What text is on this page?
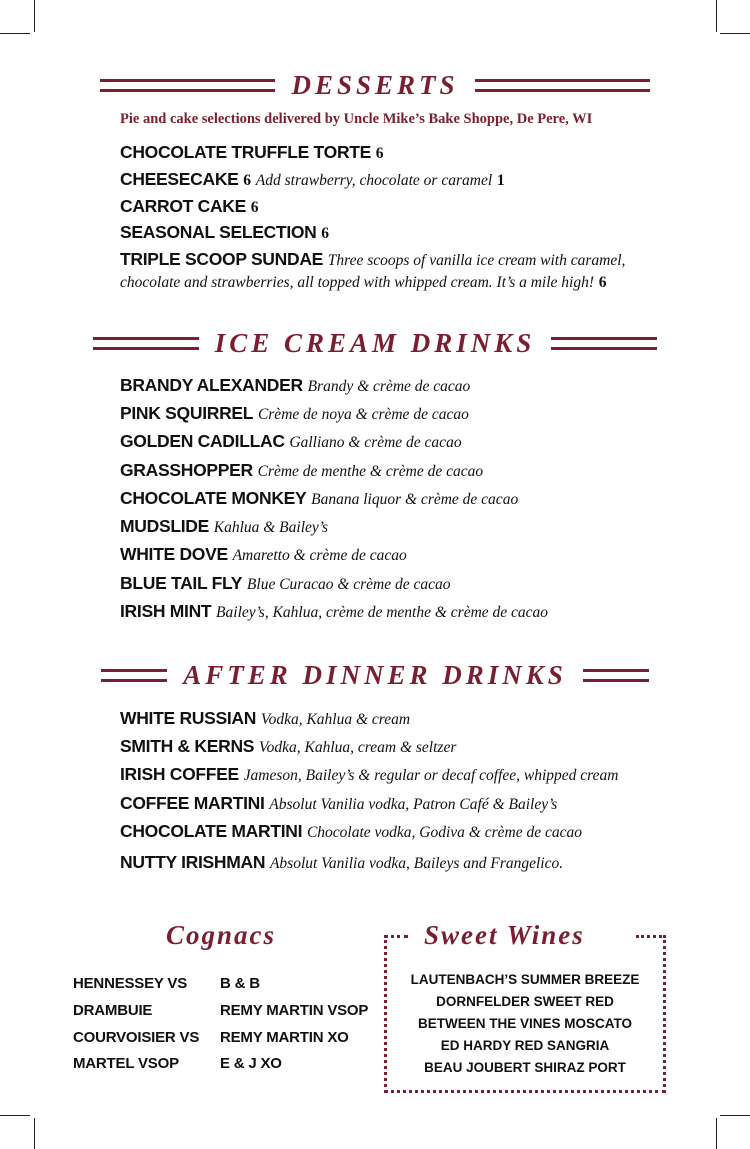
DESSERTS
Pie and cake selections delivered by Uncle Mike’s Bake Shoppe, De Pere, WI
CHOCOLATE TRUFFLE TORTE 6
CHEESECAKE 6 Add strawberry, chocolate or caramel 1
CARROT CAKE 6
SEASONAL SELECTION 6
TRIPLE SCOOP SUNDAE Three scoops of vanilla ice cream with caramel,
chocolate and strawberries, all topped with whipped cream. It’s a mile high! 6
ICE CREAM DRINKS
BRANDY ALEXANDER Brandy & crème de cacao
PINK SQUIRREL Crème de noya & crème de cacao
GOLDEN CADILLAC Galliano & crème de cacao
GRASSHOPPER Crème de menthe & crème de cacao
CHOCOLATE MONKEY Banana liquor & crème de cacao
MUDSLIDE Kahlua & Bailey’s
WHITE DOVE Amaretto & crème de cacao
BLUE TAIL FLY Blue Curacao & crème de cacao
IRISH MINT Bailey’s, Kahlua, crème de menthe & crème de cacao
AFTER DINNER DRINKS
WHITE RUSSIAN Vodka, Kahlua & cream
SMITH & KERNS Vodka, Kahlua, cream & seltzer
IRISH COFFEE Jameson, Bailey’s & regular or decaf coffee, whipped cream
COFFEE MARTINI Absolut Vanilia vodka, Patron Café & Bailey’s
CHOCOLATE MARTINI Chocolate vodka, Godiva & crème de cacao
NUTTY IRISHMAN Absolut Vanilia vodka, Baileys and Frangelico.
Cognacs
HENNESSEY VS
DRAMBUIE
COURVOISIER VS
MARTEL VSOP
B & B
REMY MARTIN VSOP
REMY MARTIN XO
E & J XO
Sweet Wines
LAUTENBACH’S SUMMER BREEZE
DORNFELDER SWEET RED
BETWEEN THE VINES MOSCATO
ED HARDY RED SANGRIA
BEAU JOUBERT SHIRAZ PORT
